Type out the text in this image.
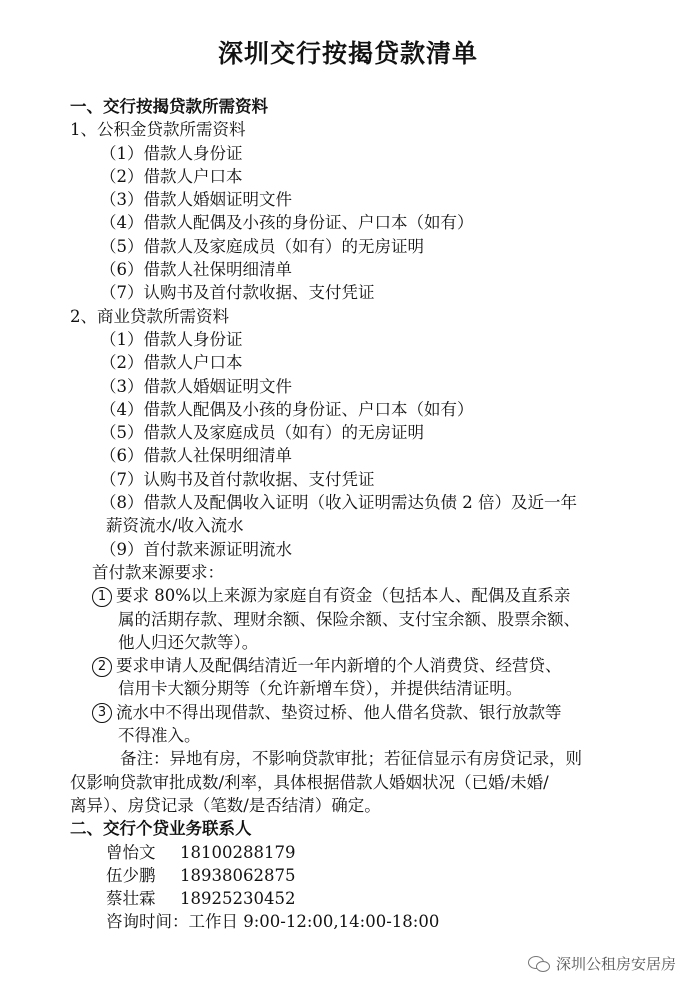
深圳交行按揭贷款清单
一、交行按揭贷款所需资料
1、公积金贷款所需资料
（1）借款人身份证
（2）借款人户口本
（3）借款人婚姻证明文件
（4）借款人配偶及小孩的身份证、户口本（如有）
（5）借款人及家庭成员（如有）的无房证明
（6）借款人社保明细清单
（7）认购书及首付款收据、支付凭证
2、商业贷款所需资料
（1）借款人身份证
（2）借款人户口本
（3）借款人婚姻证明文件
（4）借款人配偶及小孩的身份证、户口本（如有）
（5）借款人及家庭成员（如有）的无房证明
（6）借款人社保明细清单
（7）认购书及首付款收据、支付凭证
（8）借款人及配偶收入证明（收入证明需达负债 2 倍）及近一年
薪资流水/收入流水
（9）首付款来源证明流水
首付款来源要求：
1 要求 80%以上来源为家庭自有资金（包括本人、配偶及直系亲
属的活期存款、理财余额、保险余额、支付宝余额、股票余额、
他人归还欠款等）。
2 要求申请人及配偶结清近一年内新增的个人消费贷、经营贷、
信用卡大额分期等（允许新增车贷），并提供结清证明。
3 流水中不得出现借款、垫资过桥、他人借名贷款、银行放款等
不得准入。
备注：异地有房，不影响贷款审批；若征信显示有房贷记录，则
仅影响贷款审批成数/利率，具体根据借款人婚姻状况（已婚/未婚/
离异）、房贷记录（笔数/是否结清）确定。
二、交行个贷业务联系人
曾怡文 18100288179
伍少鹏 18938062875
蔡壮霖 18925230452
咨询时间：工作日 9:00-12:00,14:00-18:00
深圳公租房安居房
